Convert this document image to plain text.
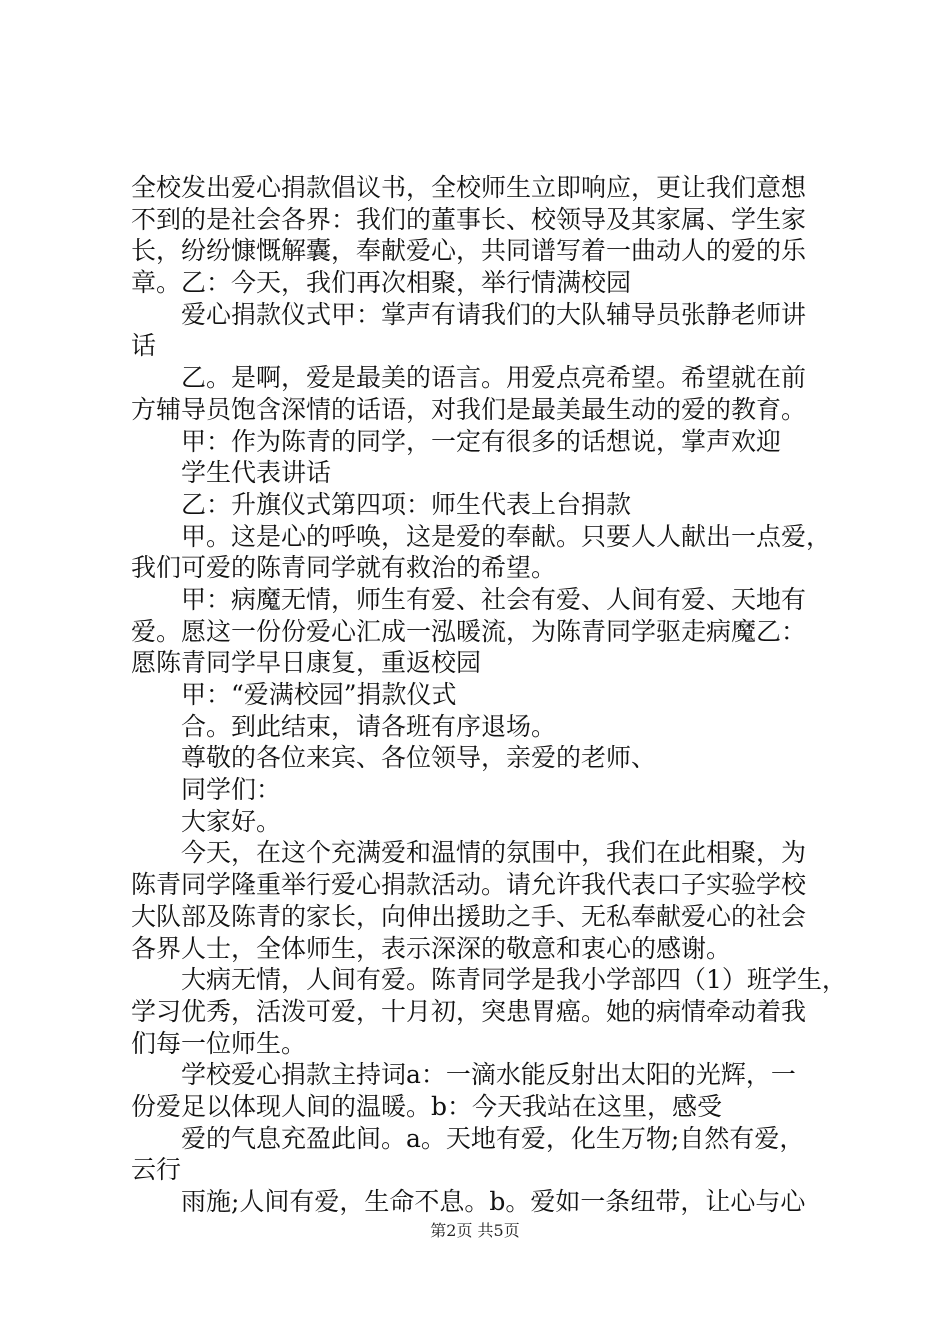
全校发出爱心捐款倡议书，全校师生立即响应，更让我们意想
不到的是社会各界：我们的董事长、校领导及其家属、学生家
长，纷纷慷慨解囊，奉献爱心，共同谱写着一曲动人的爱的乐
章。乙：今天，我们再次相聚，举行情满校园
爱心捐款仪式甲：掌声有请我们的大队辅导员张静老师讲
话
乙。是啊，爱是最美的语言。用爱点亮希望。希望就在前
方辅导员饱含深情的话语，对我们是最美最生动的爱的教育。
甲：作为陈青的同学，一定有很多的话想说，掌声欢迎
学生代表讲话
乙：升旗仪式第四项：师生代表上台捐款
甲。这是心的呼唤，这是爱的奉献。只要人人献出一点爱，
我们可爱的陈青同学就有救治的希望。
甲：病魔无情，师生有爱、社会有爱、人间有爱、天地有
爱。愿这一份份爱心汇成一泓暖流，为陈青同学驱走病魔乙：
愿陈青同学早日康复，重返校园
甲：“爱满校园”捐款仪式
合。到此结束，请各班有序退场。
尊敬的各位来宾、各位领导，亲爱的老师、
同学们：
大家好。
今天，在这个充满爱和温情的氛围中，我们在此相聚，为
陈青同学隆重举行爱心捐款活动。请允许我代表口子实验学校
大队部及陈青的家长，向伸出援助之手、无私奉献爱心的社会
各界人士，全体师生，表示深深的敬意和衷心的感谢。
大病无情，人间有爱。陈青同学是我小学部四（1）班学生，
学习优秀，活泼可爱，十月初，突患胃癌。她的病情牵动着我
们每一位师生。
学校爱心捐款主持词a：一滴水能反射出太阳的光辉，一
份爱足以体现人间的温暖。b：今天我站在这里，感受
爱的气息充盈此间。a。天地有爱，化生万物;自然有爱，
云行
雨施;人间有爱，生命不息。b。爱如一条纽带，让心与心
第2页 共5页
